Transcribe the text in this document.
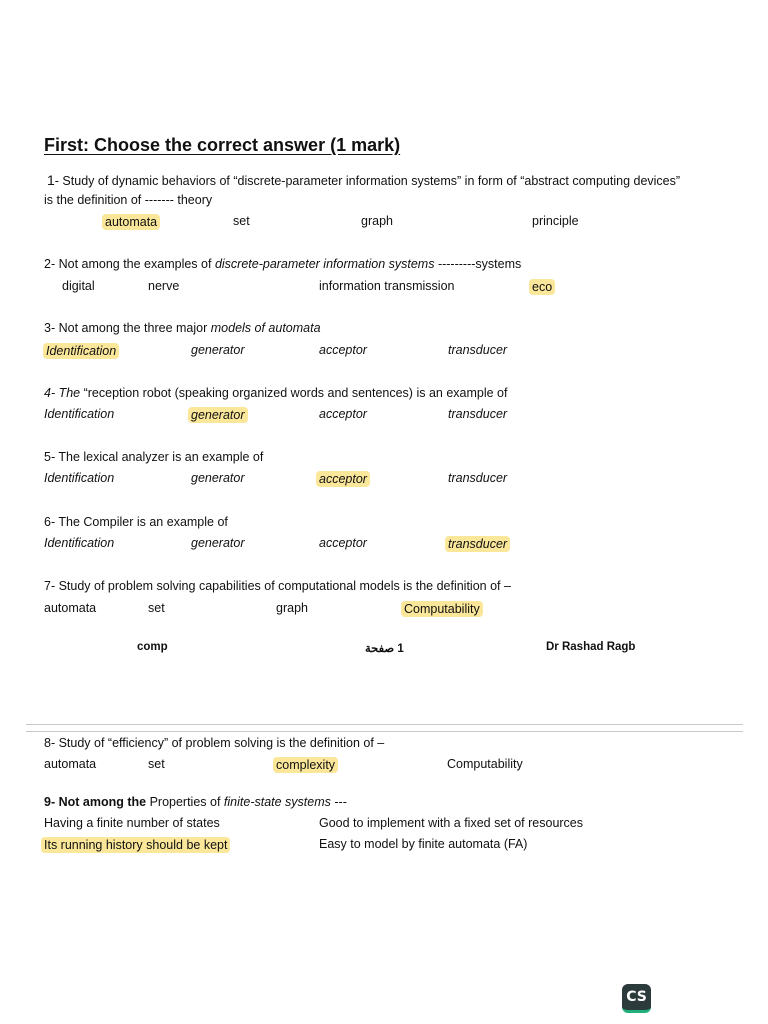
First: Choose the correct answer (1 mark)
1- Study of dynamic behaviors of “discrete-parameter information systems” in form of “abstract computing devices”
is the definition of ------- theory
automata	set	graph	principle
2- Not among the examples of discrete-parameter information systems ---------systems
digital	nerve	information transmission	eco
3- Not among the three major models of automata
Identification	generator	acceptor	transducer
4- The “reception robot (speaking organized words and sentences) is an example of
Identification	generator	acceptor	transducer
5- The lexical analyzer is an example of
Identification	generator	acceptor	transducer
6- The Compiler is an example of
Identification	generator	acceptor	transducer
7- Study of problem solving capabilities of computational models is the definition of –
automata	set	graph	Computability
comp	1 صفحة	Dr Rashad Ragb
8- Study of “efficiency” of problem solving is the definition of –
automata	set	complexity	Computability
9- Not among the Properties of finite-state systems ---
Having a finite number of states	Good to implement with a fixed set of resources
Its running history should be kept	Easy to model by finite automata (FA)
CS
